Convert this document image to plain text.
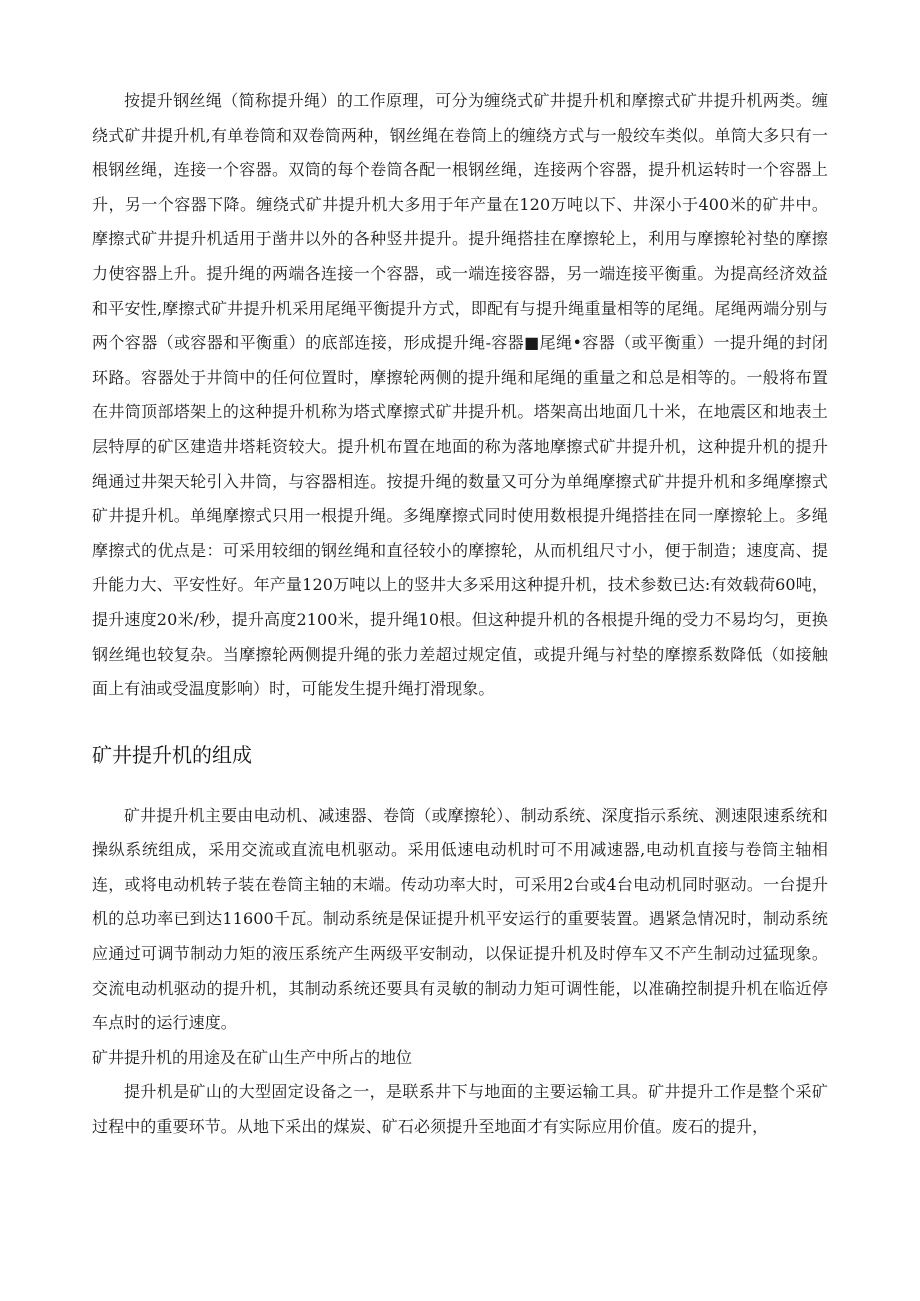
按提升钢丝绳（简称提升绳）的工作原理，可分为缠绕式矿井提升机和摩擦式矿井提升机两类。缠绕式矿井提升机,有单卷筒和双卷筒两种，钢丝绳在卷筒上的缠绕方式与一般绞车类似。单筒大多只有一根钢丝绳，连接一个容器。双筒的每个卷筒各配一根钢丝绳，连接两个容器，提升机运转时一个容器上升，另一个容器下降。缠绕式矿井提升机大多用于年产量在120万吨以下、井深小于400米的矿井中。摩擦式矿井提升机适用于凿井以外的各种竖井提升。提升绳搭挂在摩擦轮上，利用与摩擦轮衬垫的摩擦力使容器上升。提升绳的两端各连接一个容器，或一端连接容器，另一端连接平衡重。为提高经济效益和平安性,摩擦式矿井提升机采用尾绳平衡提升方式，即配有与提升绳重量相等的尾绳。尾绳两端分别与两个容器（或容器和平衡重）的底部连接，形成提升绳-容器■尾绳•容器（或平衡重）一提升绳的封闭环路。容器处于井筒中的任何位置时，摩擦轮两侧的提升绳和尾绳的重量之和总是相等的。一般将布置在井筒顶部塔架上的这种提升机称为塔式摩擦式矿井提升机。塔架高出地面几十米，在地震区和地表土层特厚的矿区建造井塔耗资较大。提升机布置在地面的称为落地摩擦式矿井提升机，这种提升机的提升绳通过井架天轮引入井筒，与容器相连。按提升绳的数量又可分为单绳摩擦式矿井提升机和多绳摩擦式矿井提升机。单绳摩擦式只用一根提升绳。多绳摩擦式同时使用数根提升绳搭挂在同一摩擦轮上。多绳摩擦式的优点是：可采用较细的钢丝绳和直径较小的摩擦轮，从而机组尺寸小，便于制造；速度高、提升能力大、平安性好。年产量120万吨以上的竖井大多采用这种提升机，技术参数已达:有效载荷60吨，提升速度20米/秒，提升高度2100米，提升绳10根。但这种提升机的各根提升绳的受力不易均匀，更换钢丝绳也较复杂。当摩擦轮两侧提升绳的张力差超过规定值，或提升绳与衬垫的摩擦系数降低（如接触面上有油或受温度影响）时，可能发生提升绳打滑现象。

矿井提升机的组成

矿井提升机主要由电动机、减速器、卷筒（或摩擦轮）、制动系统、深度指示系统、测速限速系统和操纵系统组成，采用交流或直流电机驱动。采用低速电动机时可不用减速器,电动机直接与卷筒主轴相连，或将电动机转子装在卷筒主轴的末端。传动功率大时，可采用2台或4台电动机同时驱动。一台提升机的总功率已到达11600千瓦。制动系统是保证提升机平安运行的重要装置。遇紧急情况时，制动系统应通过可调节制动力矩的液压系统产生两级平安制动，以保证提升机及时停车又不产生制动过猛现象。交流电动机驱动的提升机，其制动系统还要具有灵敏的制动力矩可调性能，以准确控制提升机在临近停车点时的运行速度。

矿井提升机的用途及在矿山生产中所占的地位

提升机是矿山的大型固定设备之一，是联系井下与地面的主要运输工具。矿井提升工作是整个采矿过程中的重要环节。从地下采出的煤炭、矿石必须提升至地面才有实际应用价值。废石的提升，
